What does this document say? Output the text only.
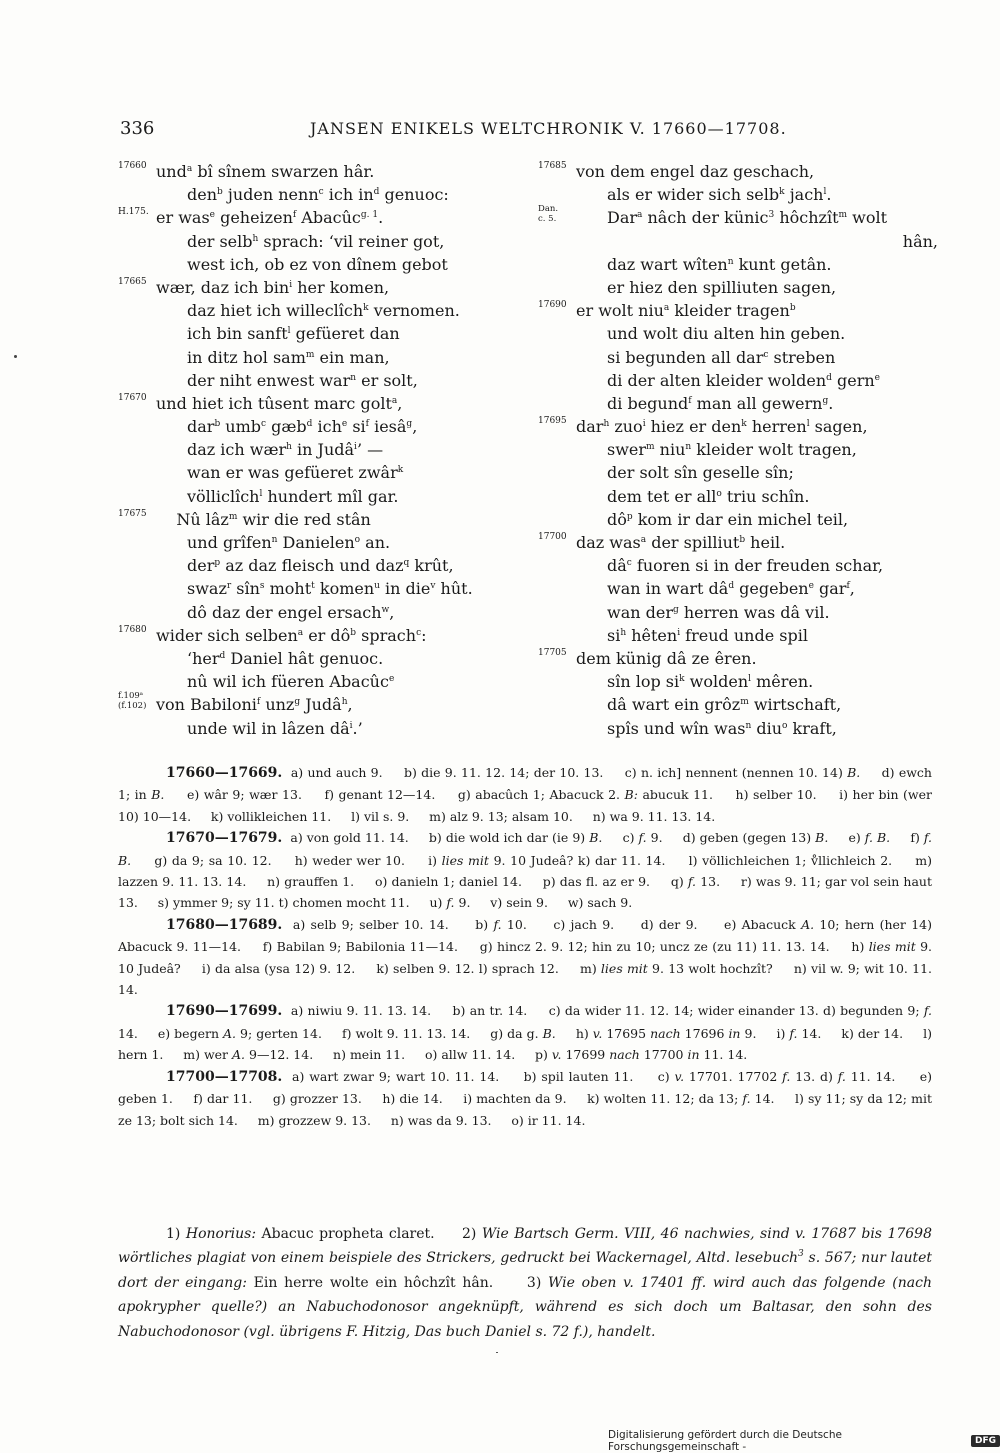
336	JANSEN ENIKELS WELTCHRONIK V. 17660—17708.
17660 und$^a$ bî sînem swarzen hâr.
den$^b$ juden nenn$^c$ ich $in^d$ genuoc:
H.175. er was$^e$ geheizen$^f$ Abacûc$^{g. 1}$.
der selb$^h$ sprach: ‘vil reiner got,
west ich, ob ez von dînem gebot
17665 wær, daz ich bin$^i$ her komen,
daz hiet ich willeclîch$^k$ vernomen.
ich bin sanft$^l$ gefüeret dan
in ditz hol sam$^m$ ein man,
der niht enwest war$^n$ er solt,
17670 und hiet ich tûsent marc golt$^a$,
dar$^b$ umb$^c$ gæb$^d$ ich$^e$ $si^f$ iesâ$^g$,
daz ich wær$^h$ in Judâ$^i$’ —
wan er was gefüeret zwâr$^k$
völliclîch$^l$ hundert mîl gar.
17675 Nû lâz$^m$ wir die red stân
und grîfen$^n$ Danielen$^o$ an.
der$^p$ az daz fleisch und daz$^q$ krût,
swaz$^r$ sîn$^s$ moht$^t$ komen$^u$ in die$^v$ hût.
dô daz der engel ersach$^w$,
17680 wider sich selben$^a$ er $dô^b$ sprach$^c$:
‘her$^d$ Daniel hât genuoc.
nû wil ich füeren Abacûc$^e$
f.109ᵃ
(f.102) von Babiloni$^f$ unz$^g$ Judâ$^h$,
unde wil in lâzen $dâ^i$.’
17685 von dem engel daz geschach,
als er wider sich selb$^k$ jach$^l$.
Dan.
c. 5.	Dar$^a$ nâch der künic$^3$ hôchzît$^m$ wolt
hân,
daz wart wîten$^n$ kunt getân.
er hiez den spilliuten sagen,
17690 er wolt niu$^a$ kleider tragen$^b$
und wolt diu alten hin geben.
si begunden all dar$^c$ streben
di der alten kleider wolden$^d$ gern$^e$
di begund$^f$ man all gewern$^g$.
17695 dar$^h$ zuo$^i$ hiez er den$^k$ herren$^l$ sagen,
swer$^m$ niu$^n$ kleider wolt tragen,
der solt sîn geselle sîn;
dem tet er all$^o$ triu schîn.
$dô^p$ kom ir dar ein michel teil,
17700 daz was$^a$ der spilliut$^b$ heil.
$dâ^c$ fuoren si in der freuden schar,
wan in wart $dâ^d$ gegeben$^e$ gar$^f$,
wan der$^g$ herren was dâ vil.
$si^h$ hêten$^i$ freud unde spil
17705 dem künig dâ ze êren.
sîn lop $si^k$ wolden$^l$ mêren.
dâ wart ein grôz$^m$ wirtschaft,
spîs und wîn was$^n$ diu$^o$ kraft,
17660—17669.  a) und auch 9.     b) die 9. 11. 12. 14; der 10. 13.     c) n. ich] nennent (nennen 10. 14) B.     d) ewch 1; in B.     e) wâr 9; wær 13.     f) genant 12—14.     g) abacûch 1; Abacuck 2. B: abucuk 11.     h) selber 10.     i) her bin (wer 10) 10—14.     k) vollikleichen 11.     l) vil s. 9.     m) alz 9. 13; alsam 10.     n) wa 9. 11. 13. 14.
17670—17679.  a) von gold 11. 14.     b) die wold ich dar (ie 9) B.     c) f. 9.     d) geben (gegen 13) B.     e) f. B.     f) f. B.     g) da 9; sa 10. 12.     h) weder wer 10.     i) lies mit 9. 10 Judeâ? k) dar 11. 14.     l) völlichleichen 1; v̊llichleich 2.     m) lazzen 9. 11. 13. 14.     n) grauffen 1.     o) danieln 1; daniel 14.     p) das fl. az er 9.     q) f. 13.     r) was 9. 11; gar vol sein haut 13.     s) ymmer 9; sy 11. t) chomen mocht 11.     u) f. 9.     v) sein 9.     w) sach 9.
17680—17689.  a) selb 9; selber 10. 14.     b) f. 10.     c) jach 9.     d) der 9.     e) Abacuck A. 10; hern (her 14) Abacuck 9. 11—14.     f) Babilan 9; Babilonia 11—14.     g) hincz 2. 9. 12; hin zu 10; uncz ze (zu 11) 11. 13. 14.     h) lies mit 9. 10 Judeâ?     i) da alsa (ysa 12) 9. 12.     k) selben 9. 12. l) sprach 12.     m) lies mit 9. 13 wolt hochzît?     n) vil w. 9; wit 10. 11. 14.
17690—17699.  a) niwiu 9. 11. 13. 14.     b) an tr. 14.     c) da wider 11. 12. 14; wider einander 13. d) begunden 9; f. 14.     e) begern A. 9; gerten 14.     f) wolt 9. 11. 13. 14.     g) da g. B.     h) v. 17695 nach 17696 in 9.     i) f. 14.     k) der 14.     l) hern 1.     m) wer A. 9—12. 14.     n) mein 11.     o) allw 11. 14.     p) v. 17699 nach 17700 in 11. 14.
17700—17708.  a) wart zwar 9; wart 10. 11. 14.     b) spil lauten 11.     c) v. 17701. 17702 f. 13. d) f. 11. 14.     e) geben 1.     f) dar 11.     g) grozzer 13.     h) die 14.     i) machten da 9.     k) wolten 11. 12; da 13; f. 14.     l) sy 11; sy da 12; mit ze 13; bolt sich 14.     m) grozzew 9. 13.     n) was da 9. 13.     o) ir 11. 14.
1) Honorius: Abacuc propheta claret.     2) Wie Bartsch Germ. VIII, 46 nachwies, sind v. 17687 bis 17698 wörtliches plagiat von einem beispiele des Strickers, gedruckt bei Wackernagel, Altd. lesebuch$^3$ s. 567; nur lautet dort der eingang: Ein herre wolte ein hôchzît hân.     3) Wie oben v. 17401 ff. wird auch das folgende (nach apokrypher quelle?) an Nabuchodonosor angeknüpft, während es sich doch um Baltasar, den sohn des Nabuchodonosor (vgl. übrigens F. Hitzig, Das buch Daniel s. 72 f.), handelt.
Digitalisierung gefördert durch die Deutsche Forschungsgemeinschaft -	DFG
